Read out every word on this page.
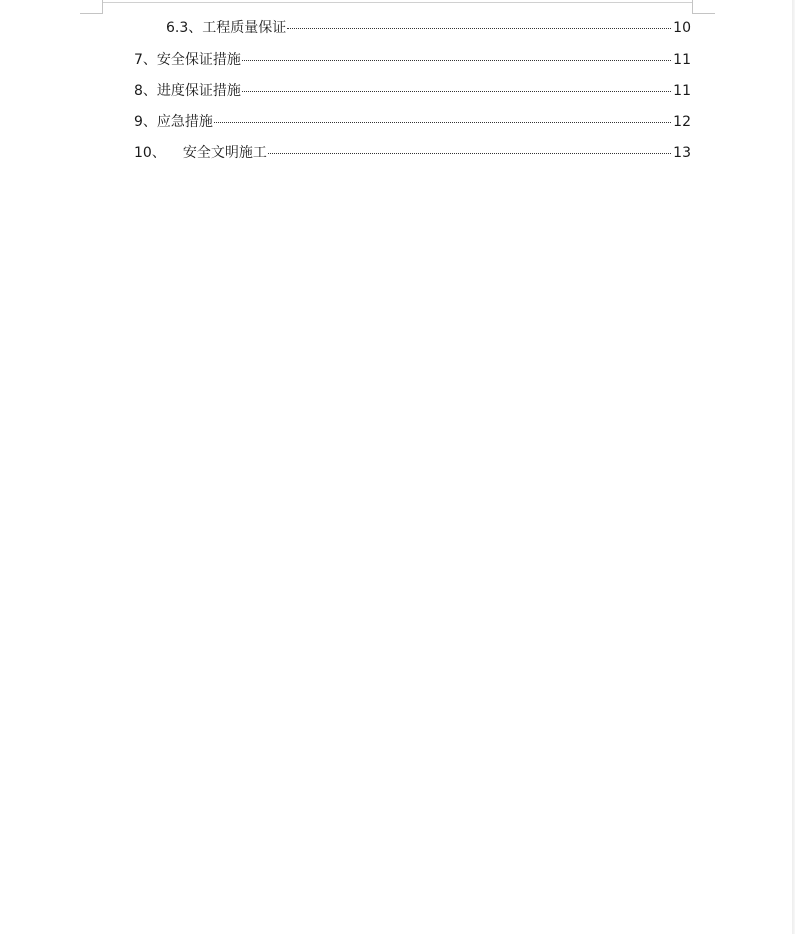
6.3、 工程质量保证	10
7、 安全保证措施	11
8、 进度保证措施	11
9、 应急措施	12
10、 安全文明施工	13
